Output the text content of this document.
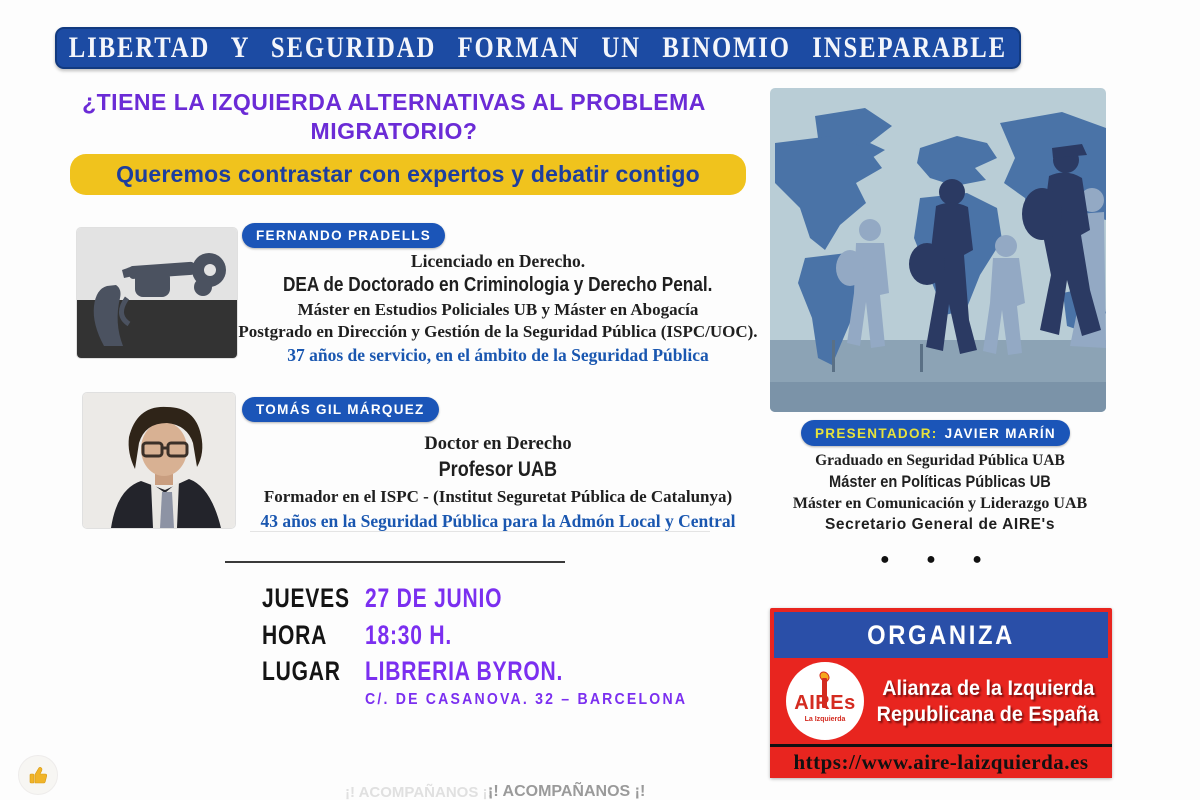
LIBERTAD Y SEGURIDAD FORMAN UN BINOMIO INSEPARABLE
¿TIENE LA IZQUIERDA ALTERNATIVAS AL PROBLEMA
MIGRATORIO?
Queremos contrastar con expertos y debatir contigo
FERNANDO PRADELLS
Licenciado en Derecho.
DEA de Doctorado en Criminologia y Derecho Penal.
Máster en Estudios Policiales UB y Máster en Abogacía
Postgrado en Dirección y Gestión de la Seguridad Pública (ISPC/UOC).
37 años de servicio, en el ámbito de la Seguridad Pública
TOMÁS GIL MÁRQUEZ
Doctor en Derecho
Profesor UAB
Formador en el ISPC - (Institut Seguretat Pública de Catalunya)
43 años en la Seguridad Pública para la Admón Local y Central
PRESENTADOR: JAVIER MARÍN
Graduado en Seguridad Pública UAB
Máster en Políticas Públicas UB
Máster en Comunicación y Liderazgo UAB
Secretario General de AIRE's
● ● ●
JUEVES 27 DE JUNIO
HORA 18:30 H.
LUGAR LIBRERIA BYRON.
C/. DE CASANOVA. 32 – BARCELONA
ORGANIZA
AIREs
La Izquierda
Alianza de la Izquierda Republicana de España
https://www.aire-laizquierda.es
¡! ACOMPAÑANOS ¡!
¡! ACOMPAÑANOS ¡!
